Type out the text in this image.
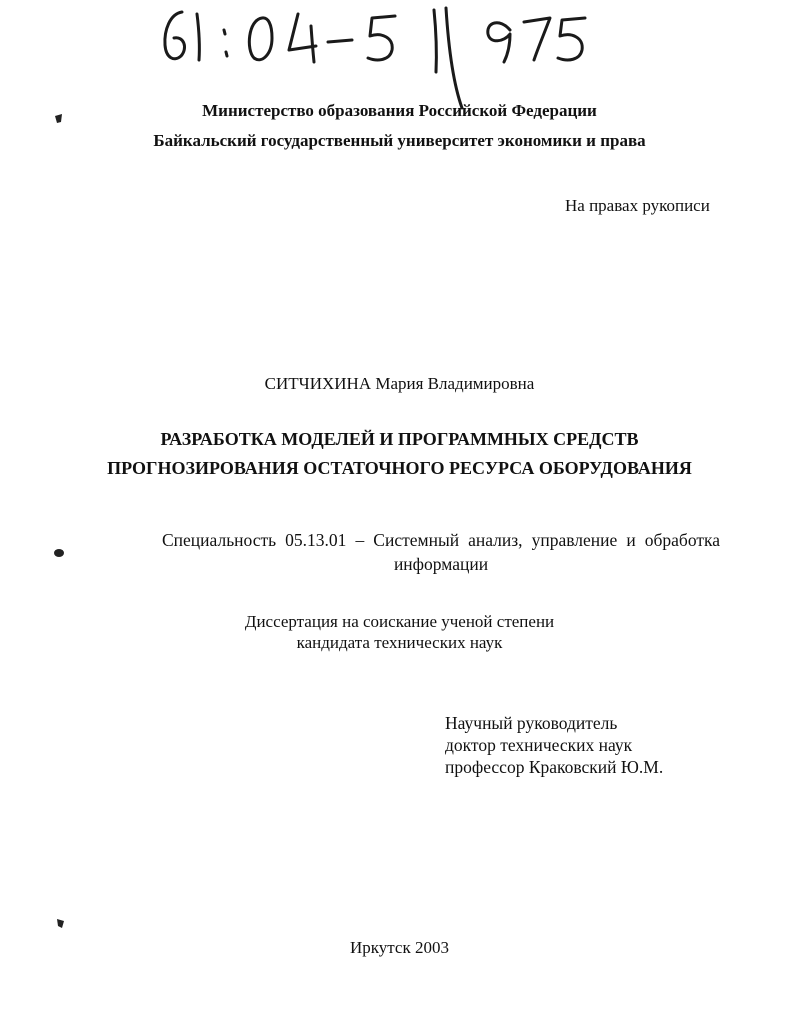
Министерство образования Российской Федерации
Байкальский государственный университет экономики и права
На правах рукописи
СИТЧИХИНА Мария Владимировна
РАЗРАБОТКА МОДЕЛЕЙ И ПРОГРАММНЫХ СРЕДСТВ
ПРОГНОЗИРОВАНИЯ ОСТАТОЧНОГО РЕСУРСА ОБОРУДОВАНИЯ
Специальность 05.13.01 – Системный анализ, управление и обработка
информации
Диссертация на соискание ученой степени
кандидата технических наук
Научный руководитель
доктор технических наук
профессор Краковский Ю.М.
Иркутск 2003
